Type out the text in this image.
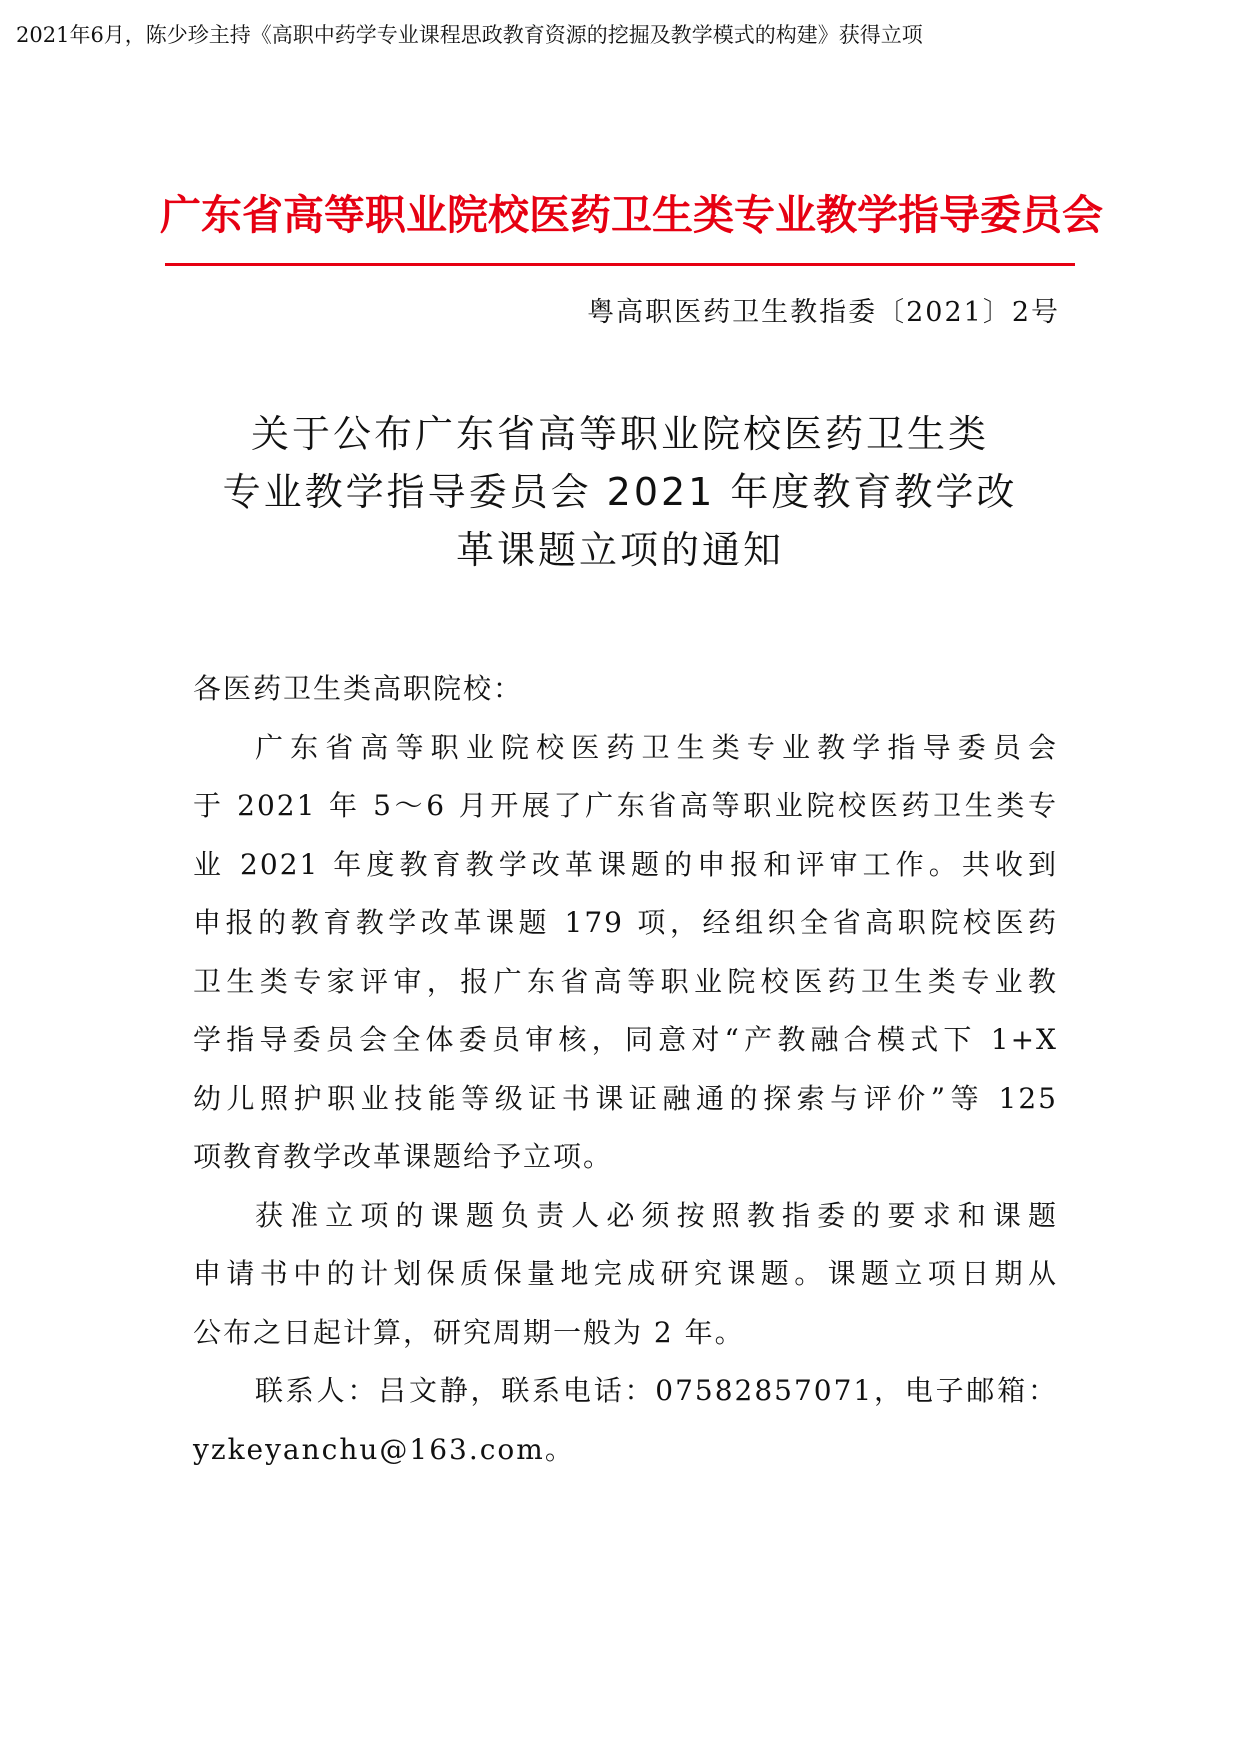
2021年6月，陈少珍主持《高职中药学专业课程思政教育资源的挖掘及教学模式的构建》获得立项
广东省高等职业院校医药卫生类专业教学指导委员会
粤高职医药卫生教指委〔2021〕2号
关于公布广东省高等职业院校医药卫生类
专业教学指导委员会 2021 年度教育教学改
革课题立项的通知

各医药卫生类高职院校：

广东省高等职业院校医药卫生类专业教学指导委员会
于 2021 年 5～6 月开展了广东省高等职业院校医药卫生类专
业 2021 年度教育教学改革课题的申报和评审工作。共收到
申报的教育教学改革课题 179 项，经组织全省高职院校医药
卫生类专家评审，报广东省高等职业院校医药卫生类专业教
学指导委员会全体委员审核，同意对“产教融合模式下 1+X
幼儿照护职业技能等级证书课证融通的探索与评价”等 125
项教育教学改革课题给予立项。

获准立项的课题负责人必须按照教指委的要求和课题
申请书中的计划保质保量地完成研究课题。课题立项日期从
公布之日起计算，研究周期一般为 2 年。

联系人：吕文静，联系电话：07582857071，电子邮箱：
yzkeyanchu@163.com。
